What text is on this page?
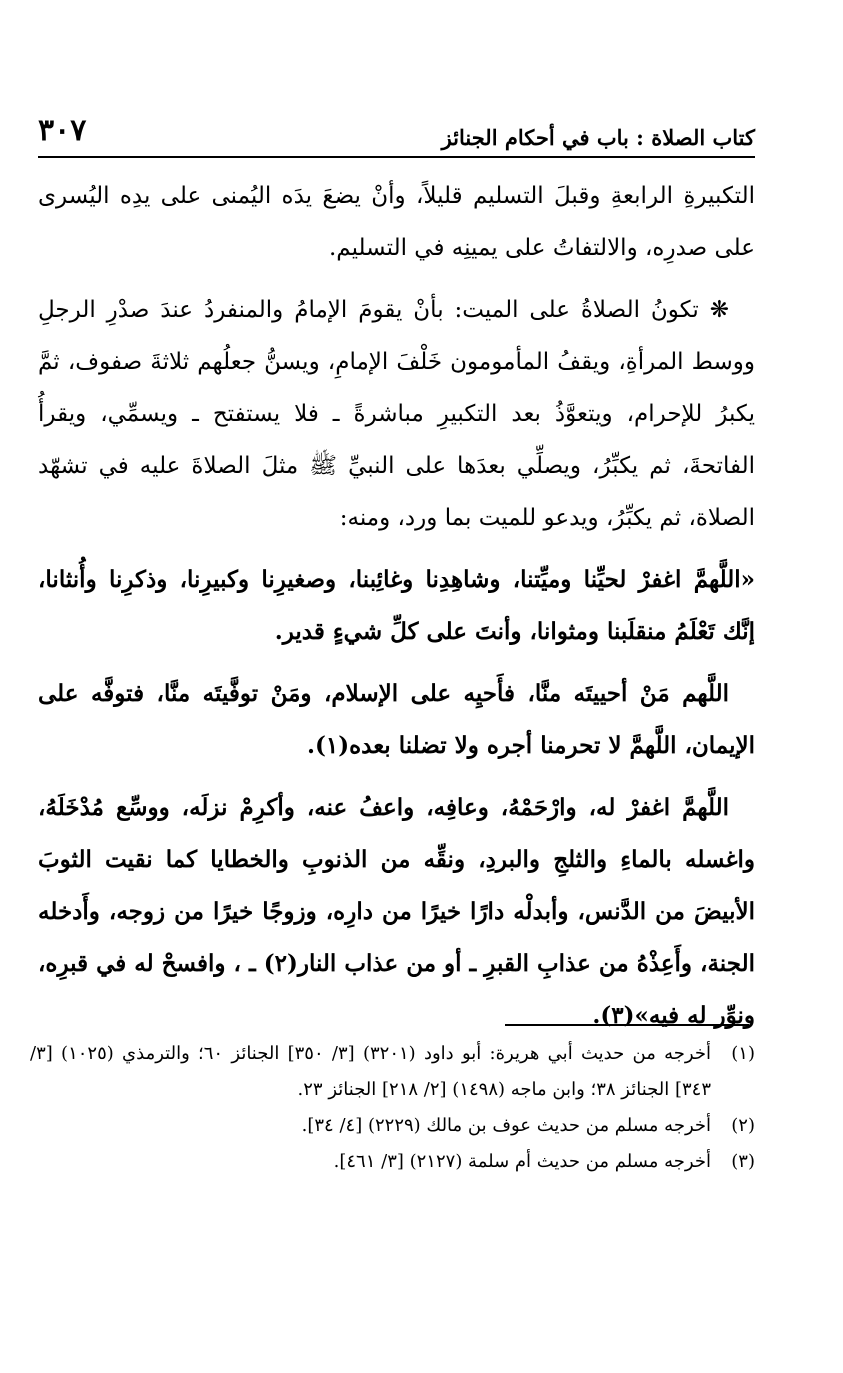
كتاب الصلاة : باب في أحكام الجنائز
٣٠٧

التكبيرةِ الرابعةِ وقبلَ التسليم قليلاً، وأنْ يضعَ يدَه اليُمنى على يدِه اليُسرى على صدرِه، والالتفاتُ على يمينِه في التسليم.

❋ تكونُ الصلاةُ على الميت: بأنْ يقومَ الإمامُ والمنفردُ عندَ صدْرِ الرجلِ ووسط المرأةِ، ويقفُ المأمومون خَلْفَ الإمامِ، ويسنُّ جعلُهم ثلاثةَ صفوف، ثمَّ يكبرُ للإحرام، ويتعوَّذُ بعد التكبيرِ مباشرةً ـ فلا يستفتح ـ ويسمِّي، ويقرأُ الفاتحةَ، ثم يكبِّرُ، ويصلِّي بعدَها على النبيِّ ﷺ مثلَ الصلاةَ عليه في تشهّد الصلاة، ثم يكبِّرُ، ويدعو للميت بما ورد، ومنه:

«اللَّهمَّ اغفرْ لحيِّنا وميِّتنا، وشاهِدِنا وغائِبنا، وصغيرِنا وكبيرِنا، وذكرِنا وأُنثانا، إنَّك تَعْلَمُ منقلَبنا ومثوانا، وأنتَ على كلِّ شيءٍ قدير.

اللَّهم مَنْ أحييتَه منَّا، فأَحيِه على الإسلام، ومَنْ توفَّيتَه منَّا، فتوفَّه على الإيمان، اللَّهمَّ لا تحرمنا أجره ولا تضلنا بعده(١).

اللَّهمَّ اغفرْ له، وارْحَمْهُ، وعافِه، واعفُ عنه، وأكرِمْ نزلَه، ووسِّع مُدْخَلَهُ، واغسله بالماءِ والثلجِ والبردِ، ونقِّه من الذنوبِ والخطايا كما نقيت الثوبَ الأبيضَ من الدَّنس، وأبدلْه دارًا خيرًا من دارِه، وزوجًا خيرًا من زوجه، وأَدخله الجنة، وأَعِذْهُ من عذابِ القبرِ ـ أو من عذاب النار(٢) ـ ، وافسحْ له في قبرِه، ونوِّر له فيه»(٣).

(١)
أخرجه من حديث أبي هريرة: أبو داود (٣٢٠١) [٣/ ٣٥٠] الجنائز ٦٠؛ والترمذي (١٠٢٥) [٣/ ٣٤٣] الجنائز ٣٨؛ وابن ماجه (١٤٩٨) [٢/ ٢١٨] الجنائز ٢٣.

(٢)
أخرجه مسلم من حديث عوف بن مالك (٢٢٢٩) [٤/ ٣٤].

(٣)
أخرجه مسلم من حديث أم سلمة (٢١٢٧) [٣/ ٤٦١].
